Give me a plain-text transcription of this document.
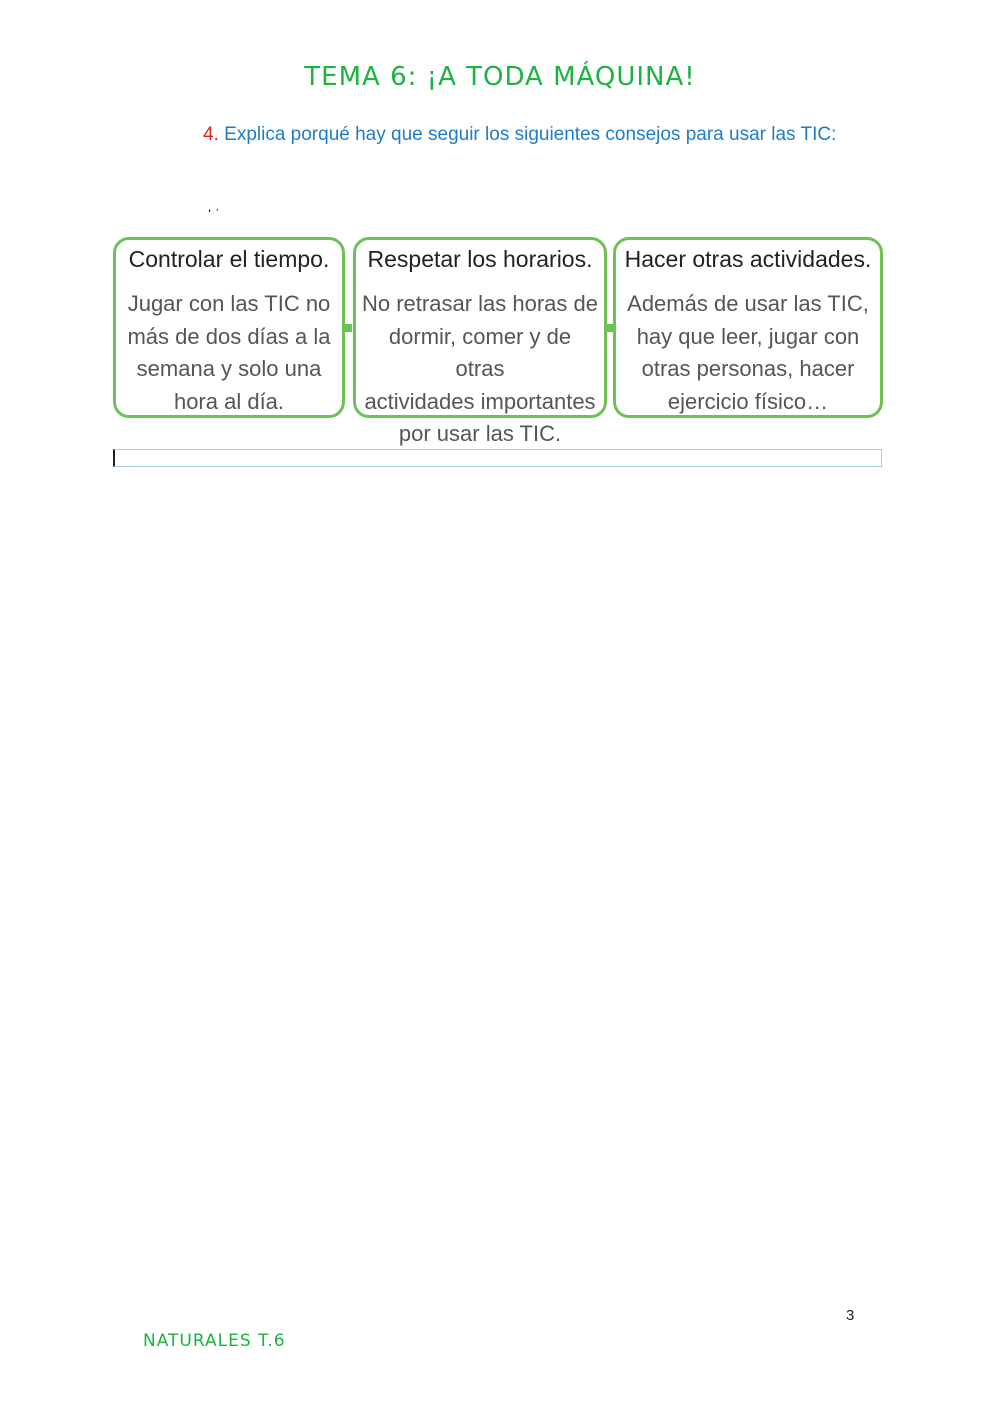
TEMA 6: ¡A TODA MÁQUINA!
4. Explica porqué hay que seguir los siguientes consejos para usar las TIC:
ʻ ˈ
Controlar el tiempo.
Jugar con las TIC no
más de dos días a la
semana y solo una
hora al día.
Respetar los horarios.
No retrasar las horas de
dormir, comer y de otras
actividades importantes
por usar las TIC.
Hacer otras actividades.
Además de usar las TIC,
hay que leer, jugar con
otras personas, hacer
ejercicio físico…
3
NATURALES T.6
